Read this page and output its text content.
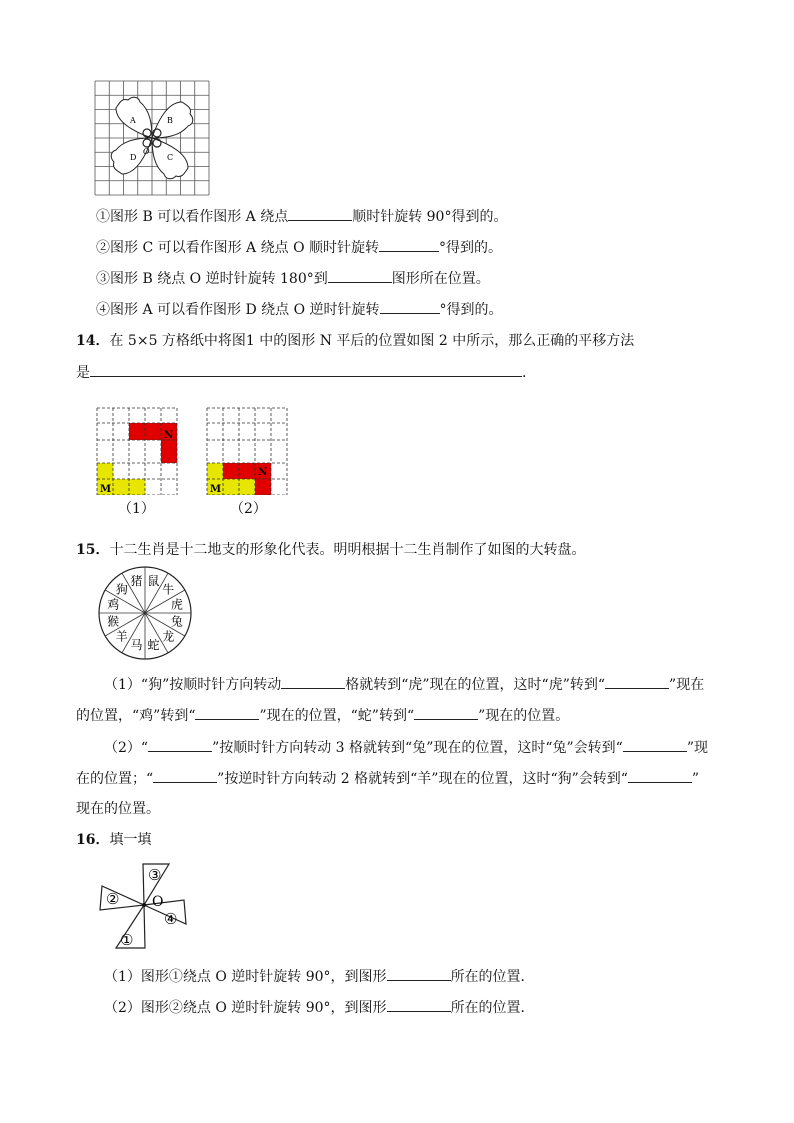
A	B
C
D
O
①图形 B 可以看作图形 A 绕点	顺时针旋转 90°得到的。
②图形 C 可以看作图形 A 绕点 O 顺时针旋转	°得到的。
③图形 B 绕点 O 逆时针旋转 180°到	图形所在位置。
④图形 A 可以看作图形 D 绕点 O 逆时针旋转	°得到的。
14．在 5×5 方格纸中将图1 中的图形 N 平后的位置如图 2 中所示，那么正确的平移方法
是	．
N
M
（1）
N
M
（2）
15．十二生肖是十二地支的形象化代表。明明根据十二生肖制作了如图的大转盘。
鼠
牛
虎
兔
龙
蛇
马
羊
猴
鸡
狗
猪
（1）“狗”按顺时针方向转动	格就转到“虎”现在的位置，这时“虎”转到“	”现在
的位置，“鸡”转到“	”现在的位置，“蛇”转到“	”现在的位置。
（2）“	”按顺时针方向转动 3 格就转到“兔”现在的位置，这时“兔”会转到“	”现
在的位置；“	”按逆时针方向转动 2 格就转到“羊”现在的位置，这时“狗”会转到“	”
现在的位置。
16．填一填
②
③
④
①
O
（1）图形①绕点 O 逆时针旋转 90°，到图形	所在的位置．
（2）图形②绕点 O 逆时针旋转 90°，到图形	所在的位置．
